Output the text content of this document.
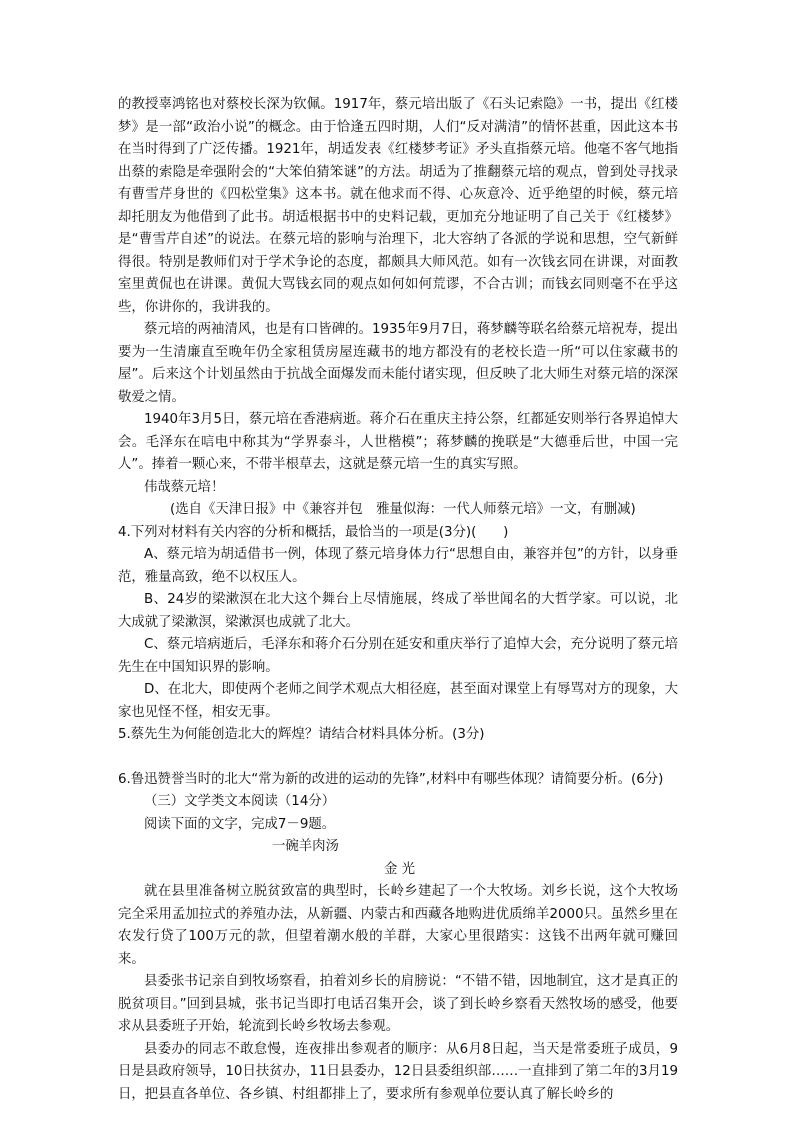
的教授辜鸿铭也对蔡校长深为钦佩。1917年，蔡元培出版了《石头记索隐》一书，提出《红楼梦》是一部“政治小说”的概念。由于恰逢五四时期，人们“反对满清”的情怀甚重，因此这本书在当时得到了广泛传播。1921年，胡适发表《红楼梦考证》矛头直指蔡元培。他毫不客气地指出蔡的索隐是牵强附会的“大笨伯猜笨谜”的方法。胡适为了推翻蔡元培的观点，曾到处寻找录有曹雪芹身世的《四松堂集》这本书。就在他求而不得、心灰意冷、近乎绝望的时候，蔡元培却托朋友为他借到了此书。胡适根据书中的史料记载，更加充分地证明了自己关于《红楼梦》是“曹雪芹自述”的说法。在蔡元培的影响与治理下，北大容纳了各派的学说和思想，空气新鲜得很。特别是教师们对于学术争论的态度，都颇具大师风范。如有一次钱玄同在讲课，对面教室里黄侃也在讲课。黄侃大骂钱玄同的观点如何如何荒谬，不合古训；而钱玄同则毫不在乎这些，你讲你的，我讲我的。

蔡元培的两袖清风，也是有口皆碑的。1935年9月7日，蒋梦麟等联名给蔡元培祝寿，提出要为一生清廉直至晚年仍全家租赁房屋连藏书的地方都没有的老校长造一所“可以住家藏书的屋”。后来这个计划虽然由于抗战全面爆发而未能付诸实现，但反映了北大师生对蔡元培的深深敬爱之情。

1940年3月5日，蔡元培在香港病逝。蒋介石在重庆主持公祭，红都延安则举行各界追悼大会。毛泽东在唁电中称其为“学界泰斗，人世楷模”；蒋梦麟的挽联是“大德垂后世，中国一完人”。捧着一颗心来，不带半根草去，这就是蔡元培一生的真实写照。

伟哉蔡元培！

(选自《天津日报》中《兼容并包　雅量似海：一代人师蔡元培》一文，有删减)

4.下列对材料有关内容的分析和概括，最恰当的一项是(3分)(　　)

A、蔡元培为胡适借书一例，体现了蔡元培身体力行“思想自由，兼容并包”的方针，以身垂范，雅量高致，绝不以权压人。

B、24岁的梁漱溟在北大这个舞台上尽情施展，终成了举世闻名的大哲学家。可以说，北大成就了梁漱溟，梁漱溟也成就了北大。

C、蔡元培病逝后，毛泽东和蒋介石分别在延安和重庆举行了追悼大会，充分说明了蔡元培先生在中国知识界的影响。

D、在北大，即使两个老师之间学术观点大相径庭，甚至面对课堂上有辱骂对方的现象，大家也见怪不怪，相安无事。

5.蔡先生为何能创造北大的辉煌？请结合材料具体分析。(3分)

6.鲁迅赞誉当时的北大“常为新的改进的运动的先锋”,材料中有哪些体现？请简要分析。(6分)

（三）文学类文本阅读（14分）

阅读下面的文字，完成7－9题。

一碗羊肉汤

金 光

就在县里准备树立脱贫致富的典型时，长岭乡建起了一个大牧场。刘乡长说，这个大牧场完全采用孟加拉式的养殖办法，从新疆、内蒙古和西藏各地购进优质绵羊2000只。虽然乡里在农发行贷了100万元的款，但望着潮水般的羊群，大家心里很踏实：这钱不出两年就可赚回来。

县委张书记亲自到牧场察看，拍着刘乡长的肩膀说：“不错不错，因地制宜，这才是真正的脱贫项目。”回到县城，张书记当即打电话召集开会，谈了到长岭乡察看天然牧场的感受，他要求从县委班子开始，轮流到长岭乡牧场去参观。

县委办的同志不敢怠慢，连夜排出参观者的顺序：从6月8日起，当天是常委班子成员，9日是县政府领导，10日扶贫办，11日县委办，12日县委组织部……一直排到了第二年的3月19日，把县直各单位、各乡镇、村组都排上了，要求所有参观单位要认真了解长岭乡的
